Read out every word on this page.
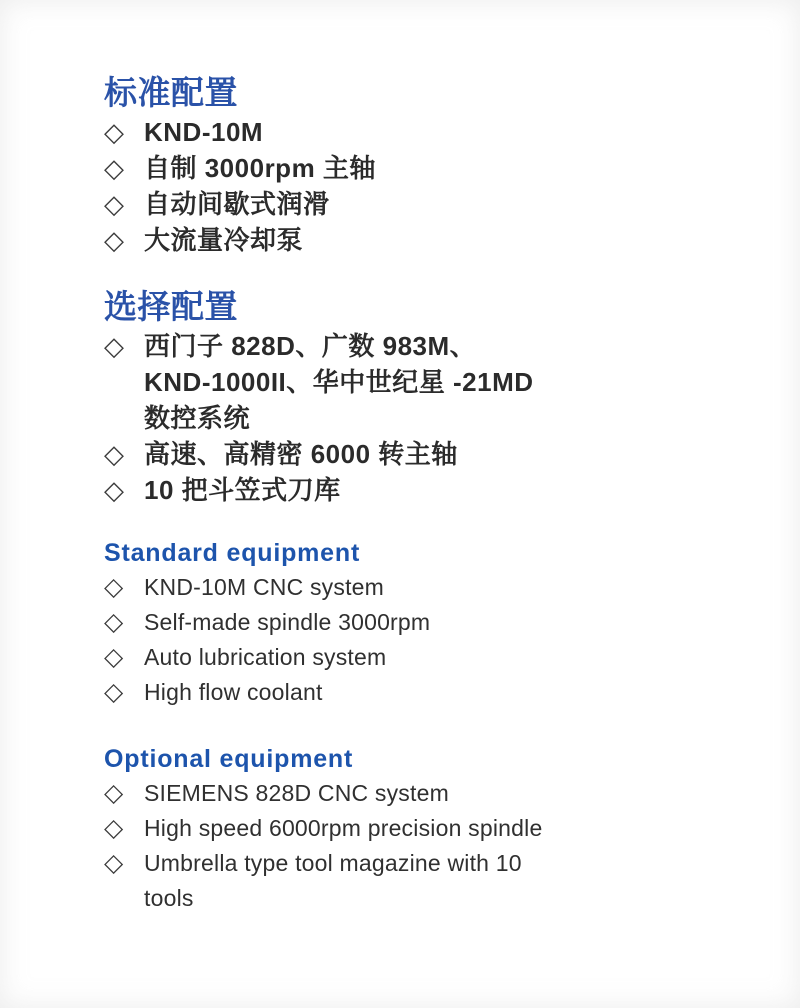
标准配置
◇ KND-10M
◇ 自制 3000rpm 主轴
◇ 自动间歇式润滑
◇ 大流量冷却泵
选择配置
◇ 西门子 828D、广数 983M、
KND-1000II、华中世纪星 -21MD
数控系统
◇ 高速、高精密 6000 转主轴
◇ 10 把斗笠式刀库
Standard equipment
◇ KND-10M CNC system
◇ Self-made spindle 3000rpm
◇ Auto lubrication system
◇ High flow coolant
Optional equipment
◇ SIEMENS 828D CNC system
◇ High speed 6000rpm precision spindle
◇ Umbrella type tool magazine with 10
tools
